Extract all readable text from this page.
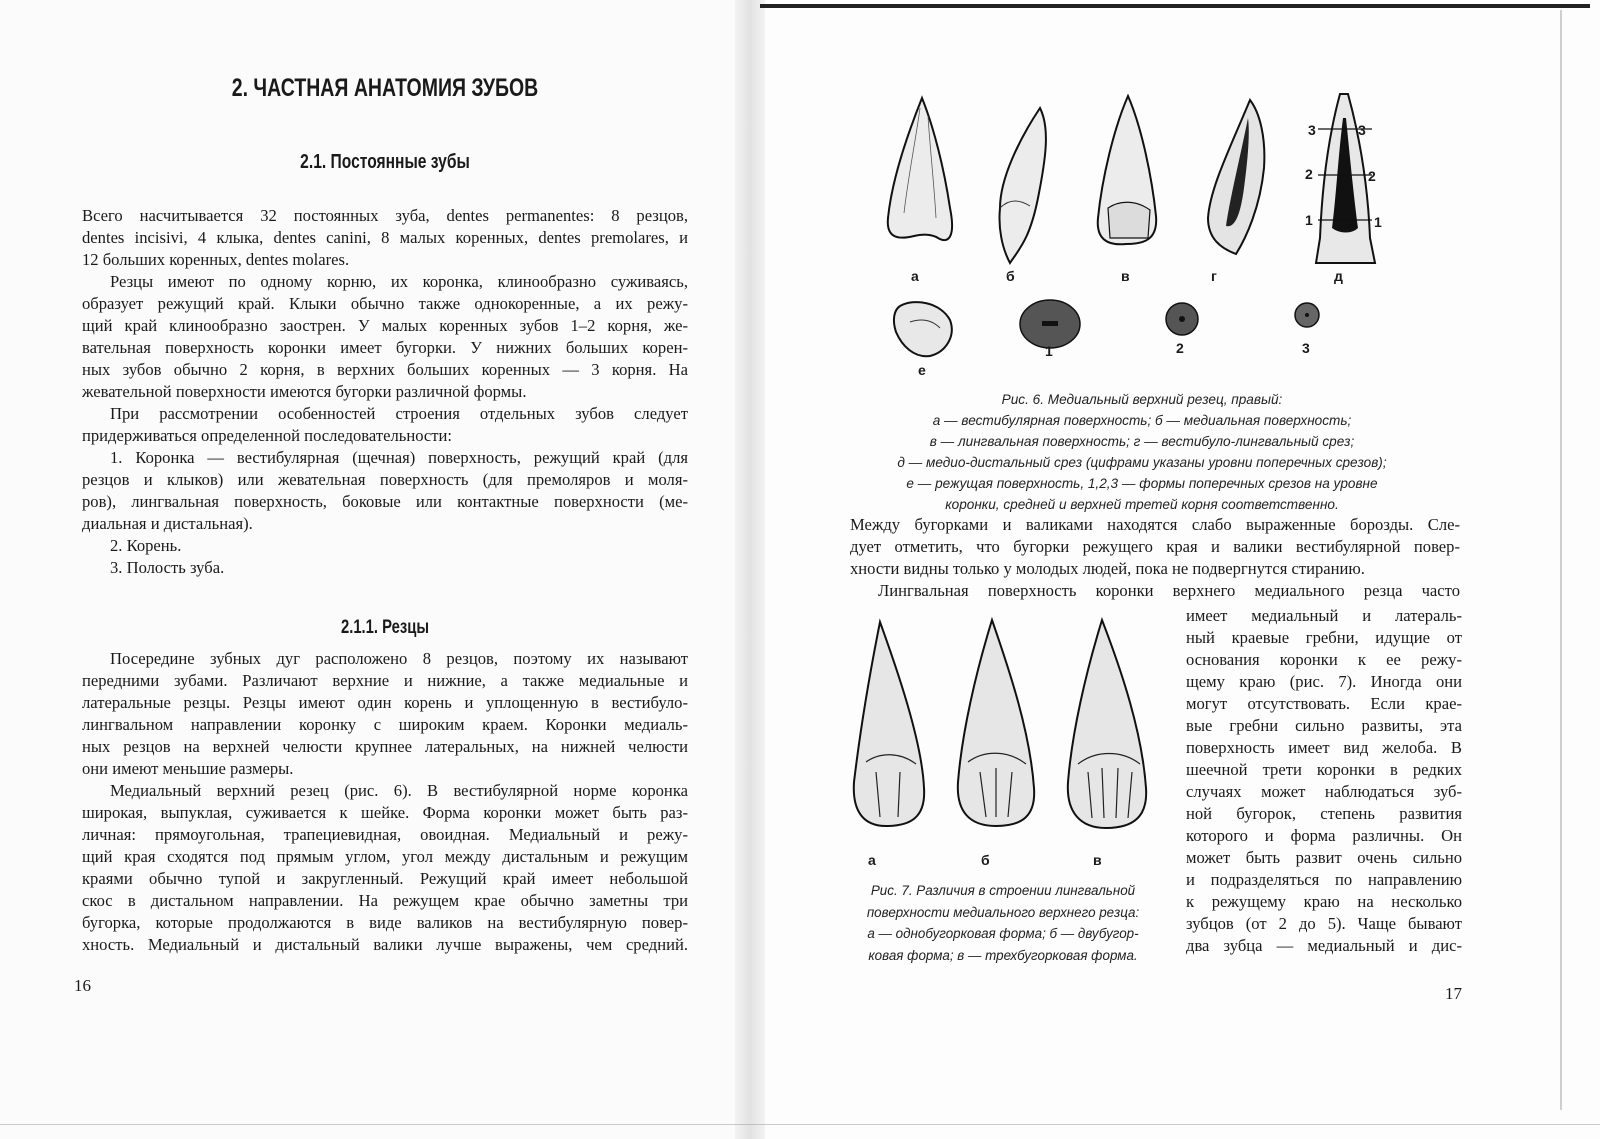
2. ЧАСТНАЯ АНАТОМИЯ ЗУБОВ
2.1. Постоянные зубы
Всего насчитывается 32 постоянных зуба, dentes permanentes: 8 резцов,
dentes incisivi, 4 клыка, dentes canini, 8 малых коренных, dentes premolares, и
12 больших коренных, dentes molares.
Резцы имеют по одному корню, их коронка, клинообразно суживаясь,
образует режущий край. Клыки обычно также однокоренные, а их режу-
щий край клинообразно заострен. У малых коренных зубов 1–2 корня, же-
вательная поверхность коронки имеет бугорки. У нижних больших корен-
ных зубов обычно 2 корня, в верхних больших коренных — 3 корня. На
жевательной поверхности имеются бугорки различной формы.
При рассмотрении особенностей строения отдельных зубов следует
придерживаться определенной последовательности:
1. Коронка — вестибулярная (щечная) поверхность, режущий край (для
резцов и клыков) или жевательная поверхность (для премоляров и моля-
ров), лингвальная поверхность, боковые или контактные поверхности (ме-
диальная и дистальная).
2. Корень.
3. Полость зуба.
2.1.1. Резцы
Посередине зубных дуг расположено 8 резцов, поэтому их называют
передними зубами. Различают верхние и нижние, а также медиальные и
латеральные резцы. Резцы имеют один корень и уплощенную в вестибуло-
лингвальном направлении коронку с широким краем. Коронки медиаль-
ных резцов на верхней челюсти крупнее латеральных, на нижней челюсти
они имеют меньшие размеры.
Медиальный верхний резец (рис. 6). В вестибулярной норме коронка
широкая, выпуклая, суживается к шейке. Форма коронки может быть раз-
личная: прямоугольная, трапециевидная, овоидная. Медиальный и режу-
щий края сходятся под прямым углом, угол между дистальным и режущим
краями обычно тупой и закругленный. Режущий край имеет небольшой
скос в дистальном направлении. На режущем крае обычно заметны три
бугорка, которые продолжаются в виде валиков на вестибулярную повер-
хность. Медиальный и дистальный валики лучше выражены, чем средний.
16
а	б	в	г	д
е
1	2	3
3	3
2	2
1	1
Рис. 6. Медиальный верхний резец, правый:
а — вестибулярная поверхность; б — медиальная поверхность;
в — лингвальная поверхность; г — вестибуло-лингвальный срез;
д — медио-дистальный срез (цифрами указаны уровни поперечных срезов);
е — режущая поверхность, 1,2,3 — формы поперечных срезов на уровне
коронки, средней и верхней третей корня соответственно.
Между бугорками и валиками находятся слабо выраженные борозды. Сле-
дует отметить, что бугорки режущего края и валики вестибулярной повер-
хности видны только у молодых людей, пока не подвергнутся стиранию.
Лингвальная поверхность коронки верхнего медиального резца часто
а	б	в
Рис. 7. Различия в строении лингвальной
поверхности медиального верхнего резца:
а — однобугорковая форма; б — двубугор-
ковая форма; в — трехбугорковая форма.
имеет медиальный и латераль-
ный краевые гребни, идущие от
основания коронки к ее режу-
щему краю (рис. 7). Иногда они
могут отсутствовать. Если крае-
вые гребни сильно развиты, эта
поверхность имеет вид желоба. В
шеечной трети коронки в редких
случаях может наблюдаться зуб-
ной бугорок, степень развития
которого и форма различны. Он
может быть развит очень сильно
и подразделяться по направлению
к режущему краю на несколько
зубцов (от 2 до 5). Чаще бывают
два зубца — медиальный и дис-
17
